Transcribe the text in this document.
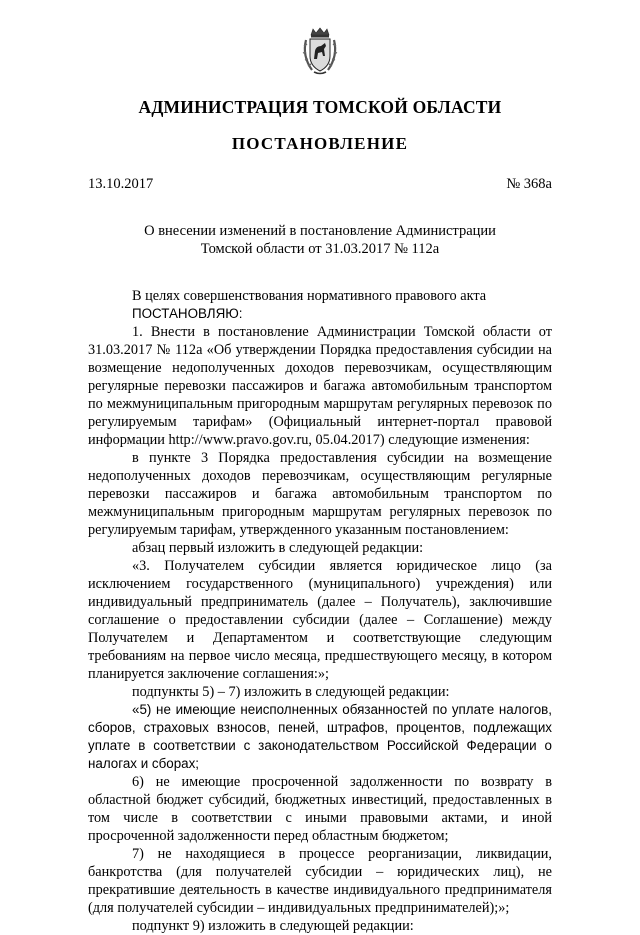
АДМИНИСТРАЦИЯ ТОМСКОЙ ОБЛАСТИ
ПОСТАНОВЛЕНИЕ
13.10.2017	№ 368а
О внесении изменений в постановление Администрации
Томской области от 31.03.2017 № 112а

В целях совершенствования нормативного правового акта

ПОСТАНОВЛЯЮ:

1. Внести в постановление Администрации Томской области от 31.03.2017 № 112а «Об утверждении Порядка предоставления субсидии на возмещение недополученных доходов перевозчикам, осуществляющим регулярные перевозки пассажиров и багажа автомобильным транспортом по межмуниципальным пригородным маршрутам регулярных перевозок по регулируемым тарифам» (Официальный интернет-портал правовой информации http://www.pravo.gov.ru, 05.04.2017) следующие изменения:

в пункте 3 Порядка предоставления субсидии на возмещение недополученных доходов перевозчикам, осуществляющим регулярные перевозки пассажиров и багажа автомобильным транспортом по межмуниципальным пригородным маршрутам регулярных перевозок по регулируемым тарифам, утвержденного указанным постановлением:

абзац первый изложить в следующей редакции:

«3. Получателем субсидии является юридическое лицо (за исключением государственного (муниципального) учреждения) или индивидуальный предприниматель (далее – Получатель), заключившие соглашение о предоставлении субсидии (далее – Соглашение) между Получателем и Департаментом и соответствующие следующим требованиям на первое число месяца, предшествующего месяцу, в котором планируется заключение соглашения:»;

подпункты 5) – 7) изложить в следующей редакции:

«5) не имеющие неисполненных обязанностей по уплате налогов, сборов, страховых взносов, пеней, штрафов, процентов, подлежащих уплате в соответствии с законодательством Российской Федерации о налогах и сборах;

6) не имеющие просроченной задолженности по возврату в областной бюджет субсидий, бюджетных инвестиций, предоставленных в том числе в соответствии с иными правовыми актами, и иной просроченной задолженности перед областным бюджетом;

7) не находящиеся в процессе реорганизации, ликвидации, банкротства (для получателей субсидии – юридических лиц), не прекратившие деятельность в качестве индивидуального предпринимателя (для получателей субсидии – индивидуальных предпринимателей);»;

подпункт 9) изложить в следующей редакции:
